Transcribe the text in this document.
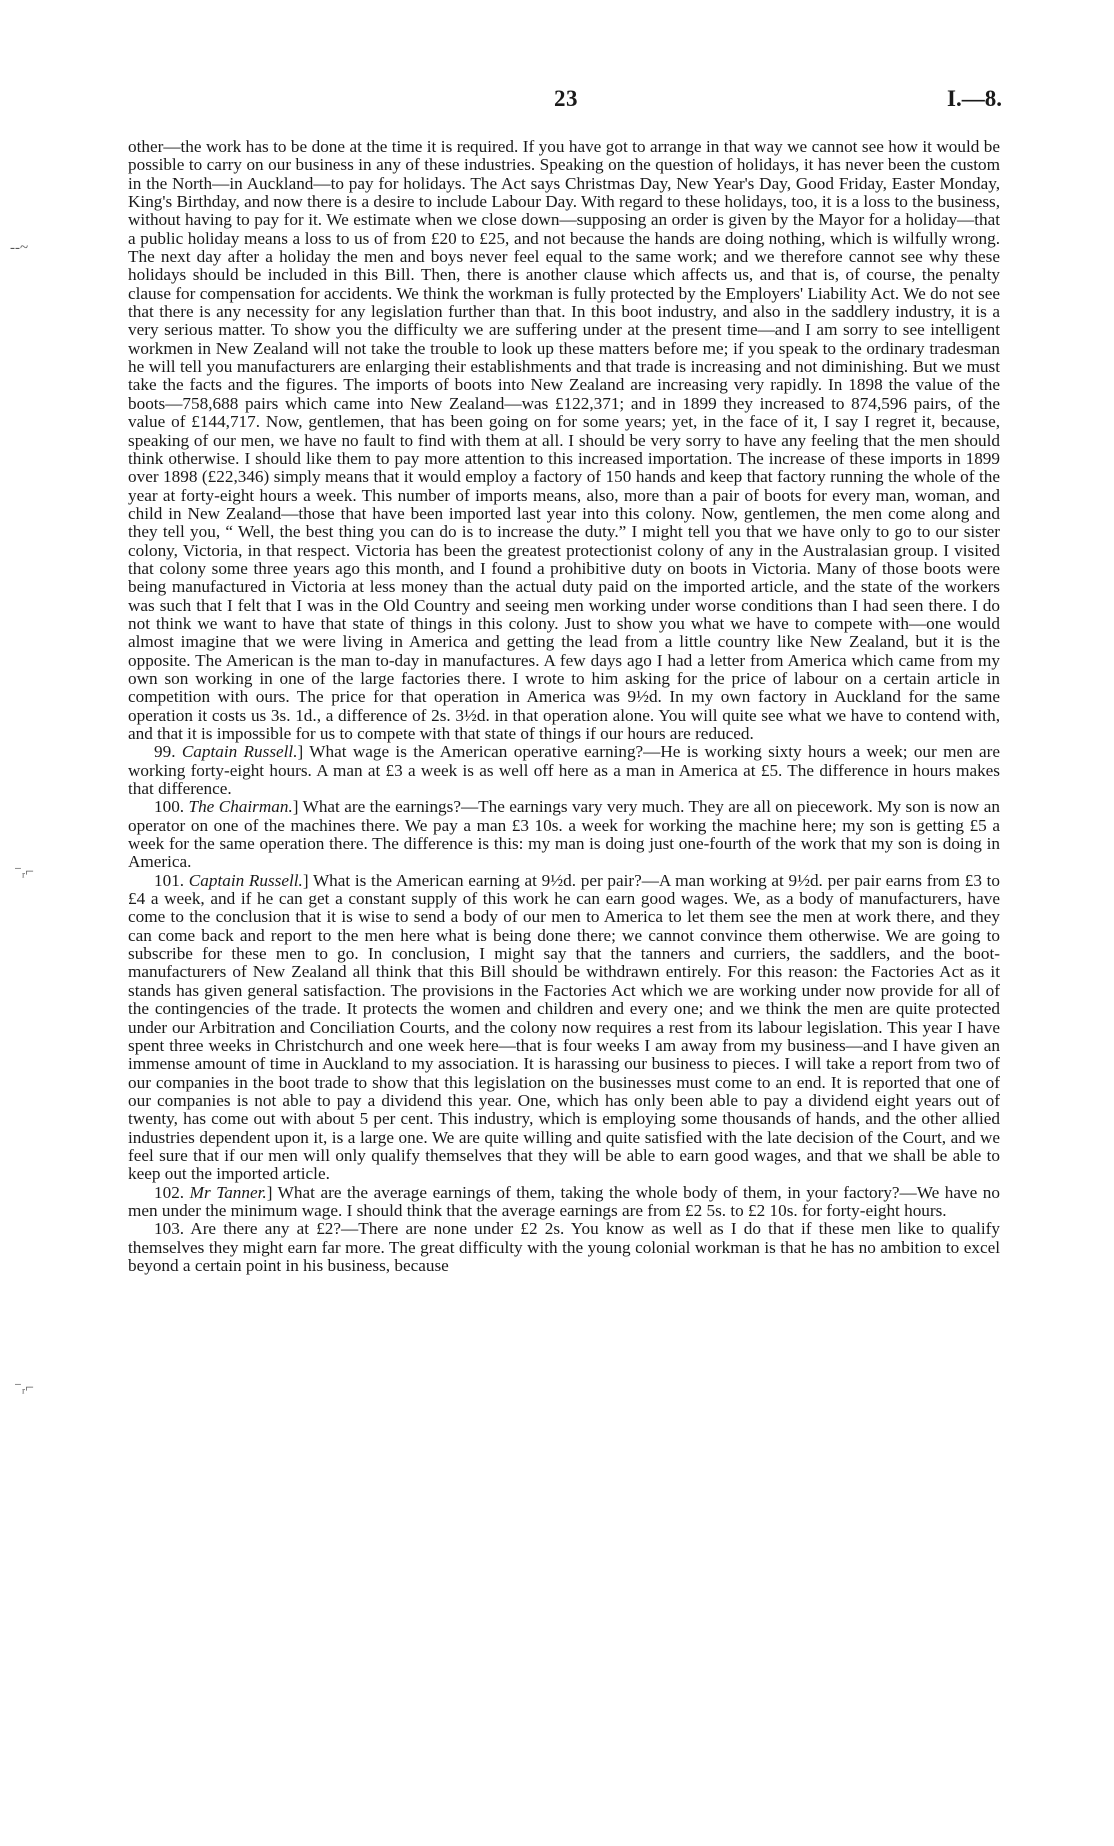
23	I.—8.
‐‑~
⁻ᵣ⌐
⁻ᵣ⌐

other—the work has to be done at the time it is required. If you have got to arrange in that way we cannot see how it would be possible to carry on our business in any of these industries. Speaking on the question of holidays, it has never been the custom in the North—in Auckland—to pay for holidays. The Act says Christmas Day, New Year's Day, Good Friday, Easter Monday, King's Birthday, and now there is a desire to include Labour Day. With regard to these holidays, too, it is a loss to the business, without having to pay for it. We estimate when we close down—supposing an order is given by the Mayor for a holiday—that a public holiday means a loss to us of from £20 to £25, and not because the hands are doing nothing, which is wilfully wrong. The next day after a holiday the men and boys never feel equal to the same work; and we therefore cannot see why these holidays should be included in this Bill. Then, there is another clause which affects us, and that is, of course, the penalty clause for compensation for accidents. We think the workman is fully protected by the Employers' Liability Act. We do not see that there is any necessity for any legislation further than that. In this boot industry, and also in the saddlery industry, it is a very serious matter. To show you the difficulty we are suffering under at the present time—and I am sorry to see intelligent workmen in New Zealand will not take the trouble to look up these matters before me; if you speak to the ordinary tradesman he will tell you manufacturers are enlarging their establishments and that trade is increasing and not diminishing. But we must take the facts and the figures. The imports of boots into New Zealand are increasing very rapidly. In 1898 the value of the boots—758,688 pairs which came into New Zealand—was £122,371; and in 1899 they increased to 874,596 pairs, of the value of £144,717. Now, gentlemen, that has been going on for some years; yet, in the face of it, I say I regret it, because, speaking of our men, we have no fault to find with them at all. I should be very sorry to have any feeling that the men should think otherwise. I should like them to pay more attention to this increased importation. The increase of these imports in 1899 over 1898 (£22,346) simply means that it would employ a factory of 150 hands and keep that factory running the whole of the year at forty-eight hours a week. This number of imports means, also, more than a pair of boots for every man, woman, and child in New Zealand—those that have been imported last year into this colony. Now, gentlemen, the men come along and they tell you, “ Well, the best thing you can do is to increase the duty.” I might tell you that we have only to go to our sister colony, Victoria, in that respect. Victoria has been the greatest protectionist colony of any in the Australasian group. I visited that colony some three years ago this month, and I found a prohibitive duty on boots in Victoria. Many of those boots were being manufactured in Victoria at less money than the actual duty paid on the imported article, and the state of the workers was such that I felt that I was in the Old Country and seeing men working under worse conditions than I had seen there. I do not think we want to have that state of things in this colony. Just to show you what we have to compete with—one would almost imagine that we were living in America and getting the lead from a little country like New Zealand, but it is the opposite. The American is the man to-day in manufactures. A few days ago I had a letter from America which came from my own son working in one of the large factories there. I wrote to him asking for the price of labour on a certain article in competition with ours. The price for that operation in America was 9½d. In my own factory in Auckland for the same operation it costs us 3s. 1d., a difference of 2s. 3½d. in that operation alone. You will quite see what we have to contend with, and that it is impossible for us to compete with that state of things if our hours are reduced.

99. Captain Russell.] What wage is the American operative earning?—He is working sixty hours a week; our men are working forty-eight hours. A man at £3 a week is as well off here as a man in America at £5. The difference in hours makes that difference.

100. The Chairman.] What are the earnings?—The earnings vary very much. They are all on piecework. My son is now an operator on one of the machines there. We pay a man £3 10s. a week for working the machine here; my son is getting £5 a week for the same operation there. The difference is this: my man is doing just one-fourth of the work that my son is doing in America.

101. Captain Russell.] What is the American earning at 9½d. per pair?—A man working at 9½d. per pair earns from £3 to £4 a week, and if he can get a constant supply of this work he can earn good wages. We, as a body of manufacturers, have come to the conclusion that it is wise to send a body of our men to America to let them see the men at work there, and they can come back and report to the men here what is being done there; we cannot convince them otherwise. We are going to subscribe for these men to go. In conclusion, I might say that the tanners and curriers, the saddlers, and the boot-manufacturers of New Zealand all think that this Bill should be withdrawn entirely. For this reason: the Factories Act as it stands has given general satisfaction. The provisions in the Factories Act which we are working under now provide for all of the contingencies of the trade. It protects the women and children and every one; and we think the men are quite protected under our Arbitration and Conciliation Courts, and the colony now requires a rest from its labour legislation. This year I have spent three weeks in Christchurch and one week here—that is four weeks I am away from my business—and I have given an immense amount of time in Auckland to my association. It is harassing our business to pieces. I will take a report from two of our companies in the boot trade to show that this legislation on the businesses must come to an end. It is reported that one of our companies is not able to pay a dividend this year. One, which has only been able to pay a dividend eight years out of twenty, has come out with about 5 per cent. This industry, which is employing some thousands of hands, and the other allied industries dependent upon it, is a large one. We are quite willing and quite satisfied with the late decision of the Court, and we feel sure that if our men will only qualify themselves that they will be able to earn good wages, and that we shall be able to keep out the imported article.

102. Mr Tanner.] What are the average earnings of them, taking the whole body of them, in your factory?—We have no men under the minimum wage. I should think that the average earnings are from £2 5s. to £2 10s. for forty-eight hours.

103. Are there any at £2?—There are none under £2 2s. You know as well as I do that if these men like to qualify themselves they might earn far more. The great difficulty with the young colonial workman is that he has no ambition to excel beyond a certain point in his business, because
